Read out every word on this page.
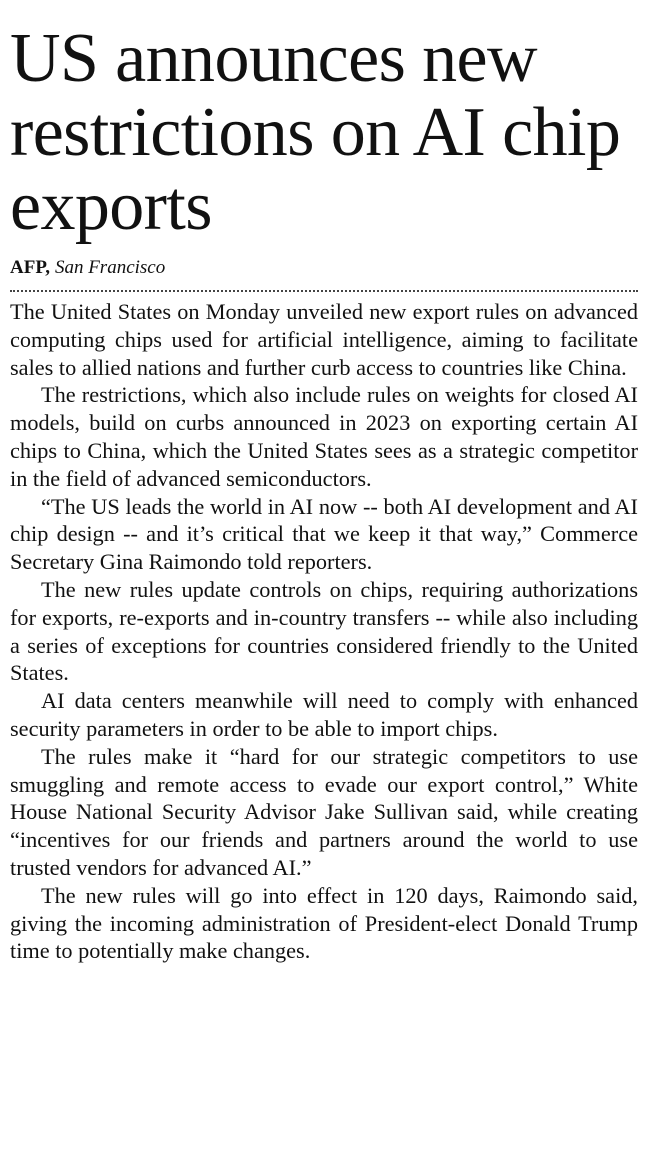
US announces new restrictions on AI chip exports
AFP, San Francisco

The United States on Monday unveiled new export rules on advanced computing chips used for artificial intelligence, aiming to facilitate sales to allied nations and further curb access to countries like China.

The restrictions, which also include rules on weights for closed AI models, build on curbs announced in 2023 on exporting certain AI chips to China, which the United States sees as a strategic competitor in the field of advanced semiconductors.

“The US leads the world in AI now -- both AI development and AI chip design -- and it’s critical that we keep it that way,” Commerce Secretary Gina Raimondo told reporters.

The new rules update controls on chips, requiring authorizations for exports, re-exports and in-country transfers -- while also including a series of exceptions for countries considered friendly to the United States.

AI data centers meanwhile will need to comply with enhanced security parameters in order to be able to import chips.

The rules make it “hard for our strategic competitors to use smuggling and remote access to evade our export control,” White House National Security Advisor Jake Sullivan said, while creating “incentives for our friends and partners around the world to use trusted vendors for advanced AI.”

The new rules will go into effect in 120 days, Raimondo said, giving the incoming administration of President-elect Donald Trump time to potentially make changes.
